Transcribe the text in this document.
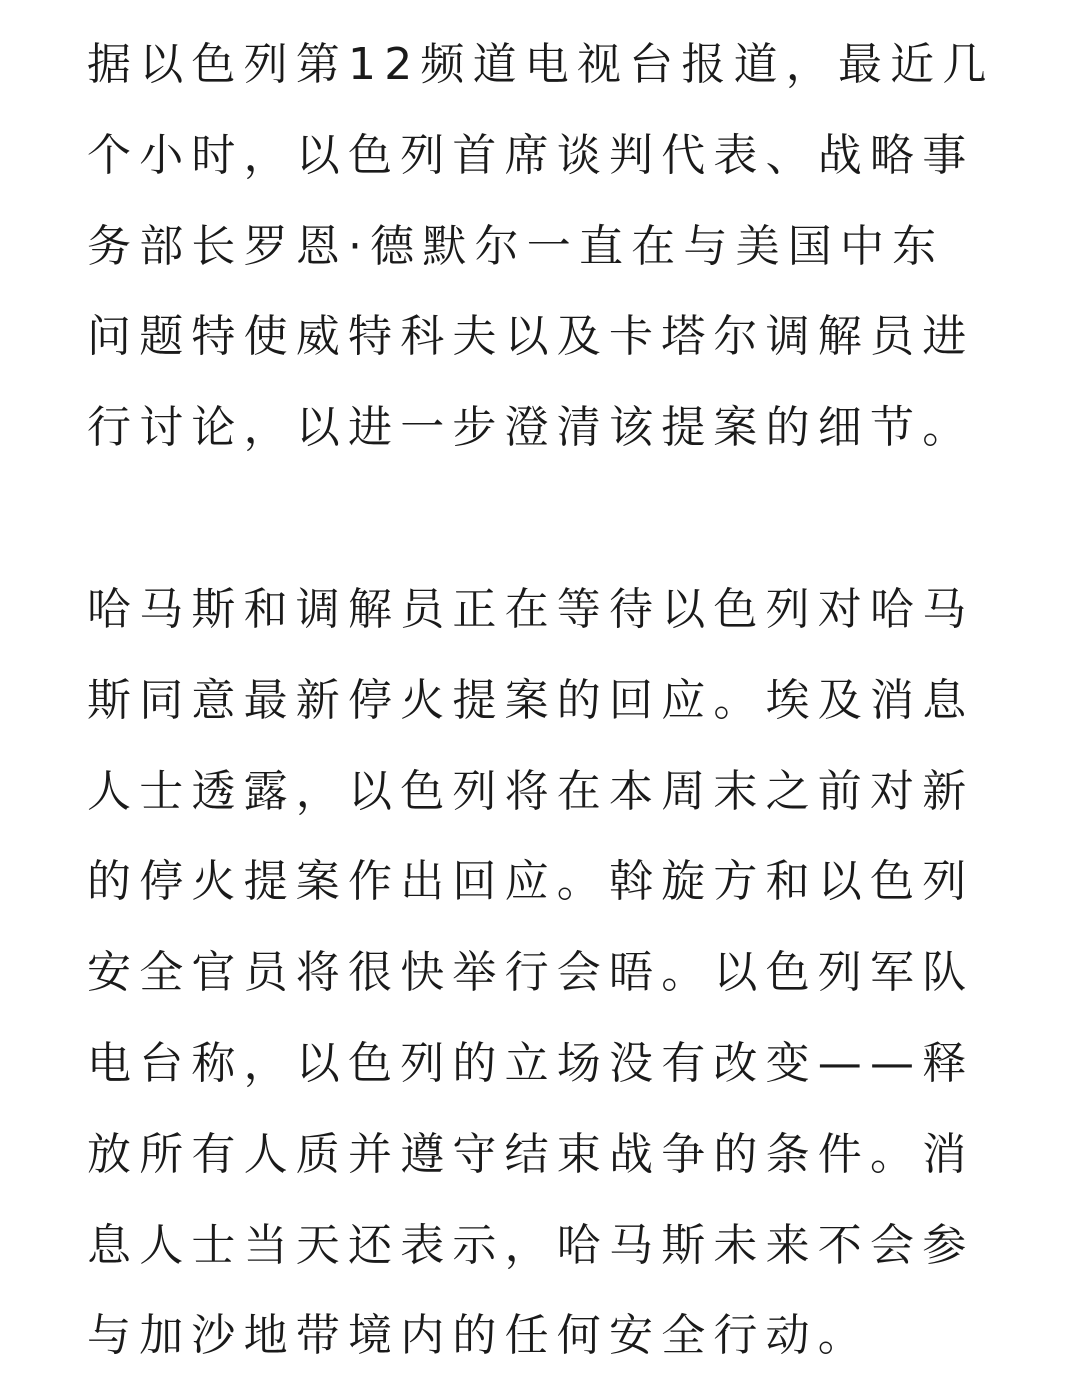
据以色列第12频道电视台报道，最近几
个小时，以色列首席谈判代表、战略事
务部长罗恩·德默尔一直在与美国中东
问题特使威特科夫以及卡塔尔调解员进
行讨论，以进一步澄清该提案的细节。

哈马斯和调解员正在等待以色列对哈马
斯同意最新停火提案的回应。埃及消息
人士透露，以色列将在本周末之前对新
的停火提案作出回应。斡旋方和以色列
安全官员将很快举行会晤。以色列军队
电台称，以色列的立场没有改变——释
放所有人质并遵守结束战争的条件。消
息人士当天还表示，哈马斯未来不会参
与加沙地带境内的任何安全行动。
